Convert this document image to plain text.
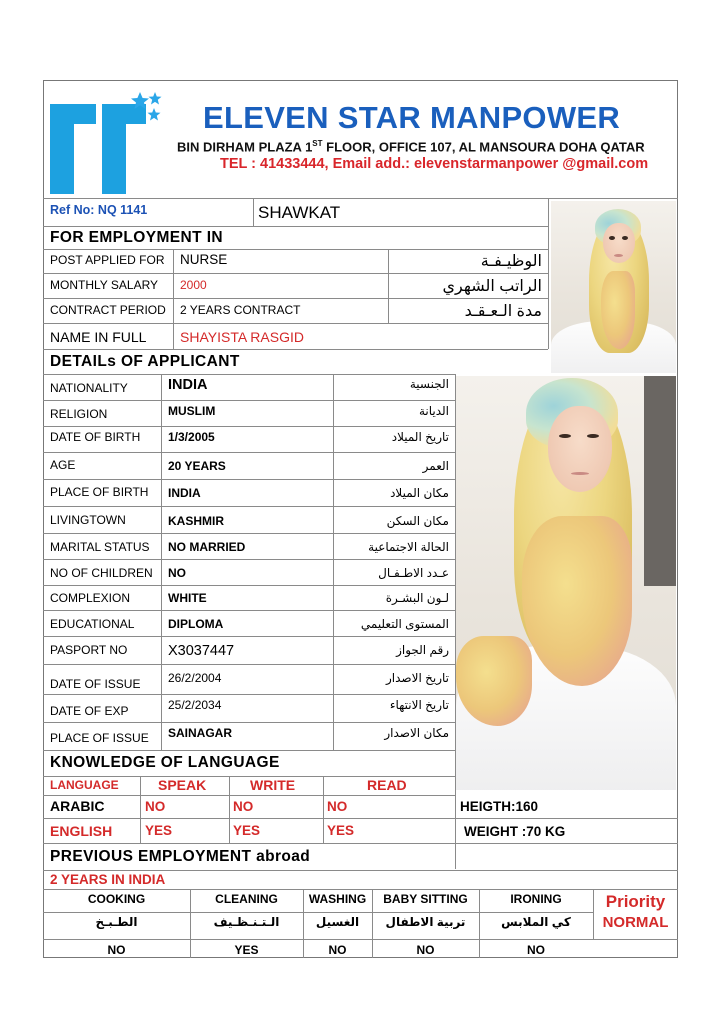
ELEVEN STAR MANPOWER
BIN DIRHAM PLAZA 1ST FLOOR, OFFICE 107, AL MANSOURA DOHA QATAR
TEL : 41433444, Email add.: elevenstarmanpower @gmail.com
Ref No: NQ 1141	SHAWKAT
FOR EMPLOYMENT IN
POST APPLIED FOR NURSE	الوظيـفـة
MONTHLY SALARY 2000	الراتب الشهري
CONTRACT PERIOD 2 YEARS CONTRACT	مدة الـعـقـد
NAME IN FULL SHAYISTA RASGID
DETAILs OF APPLICANT
NATIONALITY	INDIA	الجنسية
RELIGION	MUSLIM	الديانة
DATE OF BIRTH 1/3/2005	تاريخ الميلاد
AGE	20 YEARS	العمر
PLACE OF BIRTH INDIA	مكان الميلاد
LIVINGTOWN	KASHMIR	مكان السكن
MARITAL STATUS NO MARRIED	الحالة الاجتماعية
NO OF CHILDREN NO	عـدد الاطـفـال
COMPLEXION	WHITE	لـون البشـرة
EDUCATIONAL	DIPLOMA	المستوى التعليمي
PASPORT NO	X3037447	رقم الجواز
DATE OF ISSUE 26/2/2004	تاريخ الاصدار
DATE OF EXP	25/2/2034	تاريخ الانتهاء
PLACE OF ISSUE SAINAGAR	مكان الاصدار
KNOWLEDGE OF LANGUAGE
LANGUAGE	SPEAK	WRITE	READ
ARABIC	NO	NO	NO	HEIGTH:160
ENGLISH YES	YES	YES	WEIGHT :70 KG
PREVIOUS EMPLOYMENT abroad
2 YEARS IN INDIA
COOKING	CLEANING	WASHING	BABY SITTING	IRONING
الطـبـخ	الـتـنـظـيف	الغسيل	تربية الاطفال	كي الملابس
NO	YES	NO	NO	NO
Priority
NORMAL
